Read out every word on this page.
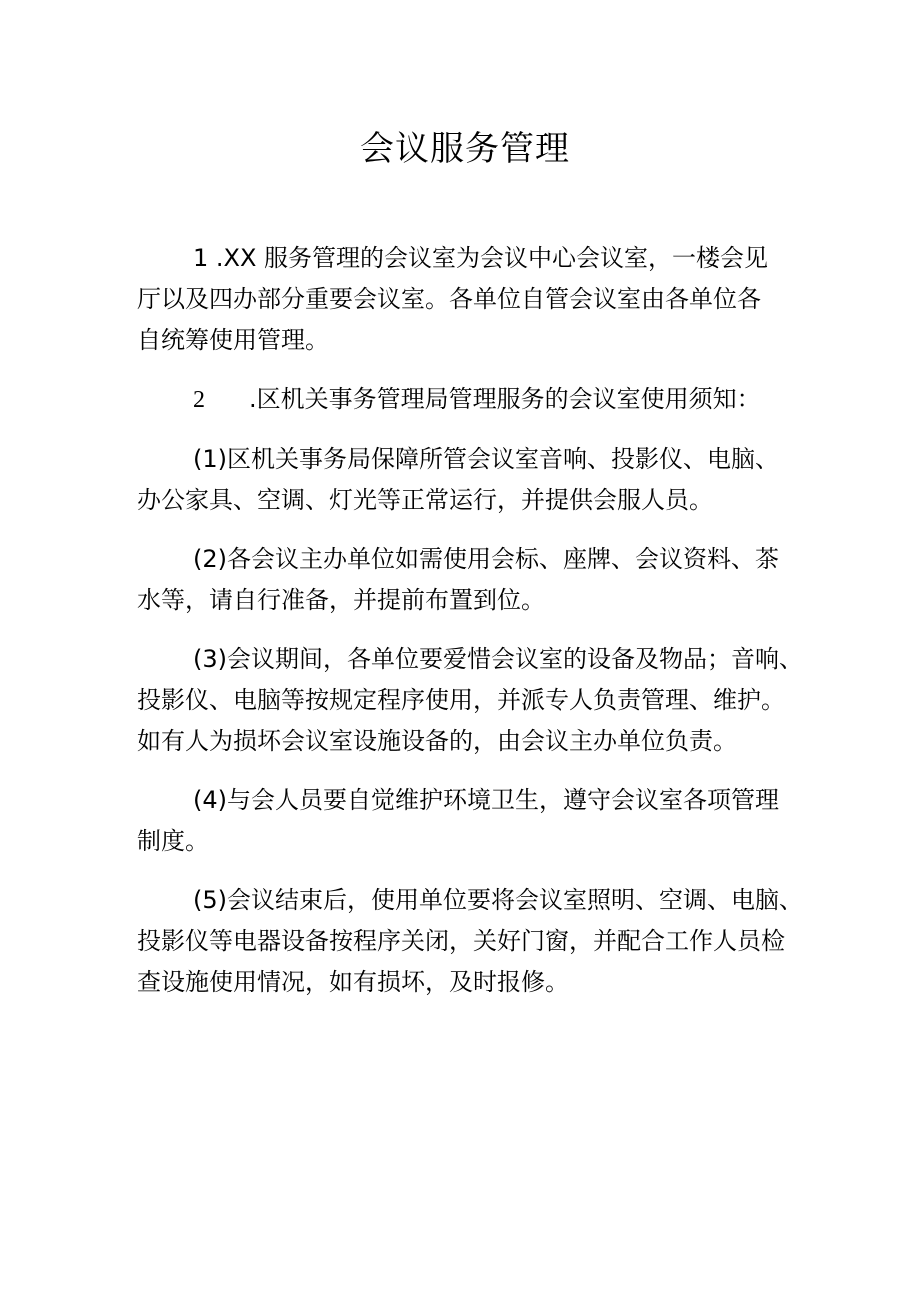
会议服务管理

1 .XX 服务管理的会议室为会议中心会议室，一楼会见
厅以及四办部分重要会议室。各单位自管会议室由各单位各
自统筹使用管理。

2 .区机关事务管理局管理服务的会议室使用须知：

(1)区机关事务局保障所管会议室音响、投影仪、电脑、
办公家具、空调、灯光等正常运行，并提供会服人员。

(2)各会议主办单位如需使用会标、座牌、会议资料、茶
水等，请自行准备，并提前布置到位。

(3)会议期间，各单位要爱惜会议室的设备及物品；音响、
投影仪、电脑等按规定程序使用，并派专人负责管理、维护。
如有人为损坏会议室设施设备的，由会议主办单位负责。

(4)与会人员要自觉维护环境卫生，遵守会议室各项管理
制度。

(5)会议结束后，使用单位要将会议室照明、空调、电脑、
投影仪等电器设备按程序关闭，关好门窗，并配合工作人员检
查设施使用情况，如有损坏，及时报修。
